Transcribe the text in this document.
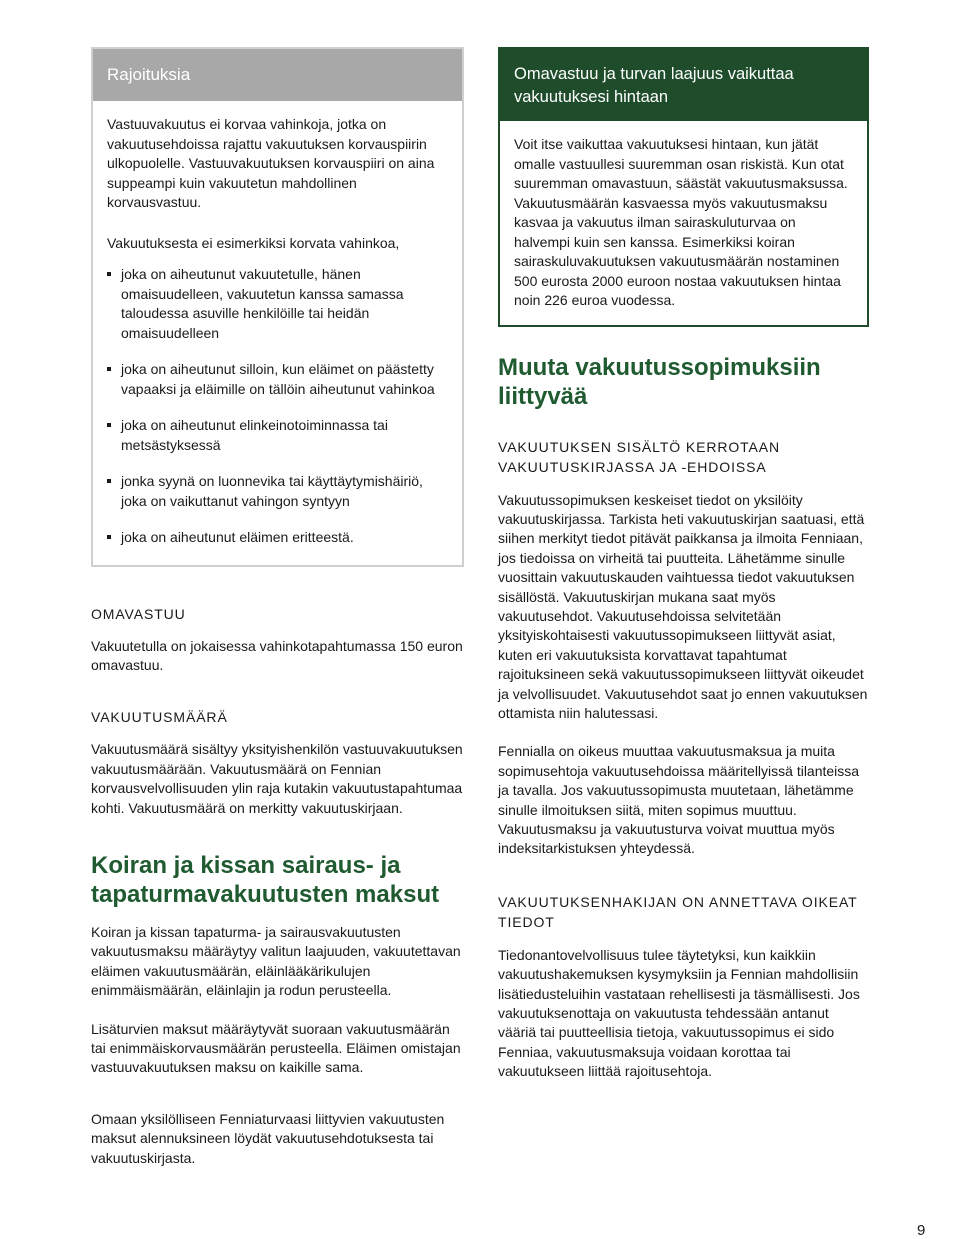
Rajoituksia

Vastuuvakuutus ei korvaa vahinkoja, jotka on vakuutusehdoissa rajattu vakuutuksen korvauspiirin ulkopuolelle. Vastuuvakuutuksen korvauspiiri on aina suppeampi kuin vakuutetun mahdollinen korvausvastuu.

Vakuutuksesta ei esimerkiksi korvata vahinkoa,

joka on aiheutunut vakuutetulle, hänen omaisuudelleen, vakuutetun kanssa samassa taloudessa asuville henkilöille tai heidän omaisuudelleen
joka on aiheutunut silloin, kun eläimet on päästetty vapaaksi ja eläimille on tällöin aiheutunut vahinkoa
joka on aiheutunut elinkeinotoiminnassa tai metsästyksessä
jonka syynä on luonnevika tai käyttäytymishäiriö, joka on vaikuttanut vahingon syntyyn
joka on aiheutunut eläimen eritteestä.
OMAVASTUU

Vakuutetulla on jokaisessa vahinkotapahtumassa 150 euron omavastuu.

VAKUUTUSMÄÄRÄ

Vakuutusmäärä sisältyy yksityishenkilön vastuuvakuutuksen vakuutusmäärään. Vakuutusmäärä on Fennian korvausvelvollisuuden ylin raja kutakin vakuutustapahtumaa kohti. Vakuutusmäärä on merkitty vakuutuskirjaan.

Koiran ja kissan sairaus- ja tapaturmavakuutusten maksut

Koiran ja kissan tapaturma- ja sairausvakuutusten vakuutusmaksu määräytyy valitun laajuuden, vakuutettavan eläimen vakuutusmäärän, eläinlääkärikulujen enimmäismäärän, eläinlajin ja rodun perusteella.

Lisäturvien maksut määräytyvät suoraan vakuutusmäärän tai enimmäiskorvausmäärän perusteella. Eläimen omistajan vastuuvakuutuksen maksu on kaikille sama.

Omaan yksilölliseen Fenniaturvaasi liittyvien vakuutusten maksut alennuksineen löydät vakuutusehdotuksesta tai vakuutuskirjasta.

Omavastuu ja turvan laajuus vaikuttaa vakuutuksesi hintaan

Voit itse vaikuttaa vakuutuksesi hintaan, kun jätät omalle vastuullesi suuremman osan riskistä. Kun otat suuremman omavastuun, säästät vakuutusmaksussa. Vakuutusmäärän kasvaessa myös vakuutusmaksu kasvaa ja vakuutus ilman sairaskuluturvaa on halvempi kuin sen kanssa. Esimerkiksi koiran sairaskuluvakuutuksen vakuutusmäärän nostaminen 500 eurosta 2000 euroon nostaa vakuutuksen hintaa noin 226 euroa vuodessa.

Muuta vakuutussopimuksiin liittyvää
VAKUUTUKSEN SISÄLTÖ KERROTAAN VAKUUTUSKIRJASSA JA -EHDOISSA

Vakuutussopimuksen keskeiset tiedot on yksilöity vakuutuskirjassa. Tarkista heti vakuutuskirjan saatuasi, että siihen merkityt tiedot pitävät paikkansa ja ilmoita Fenniaan, jos tiedoissa on virheitä tai puutteita. Lähetämme sinulle vuosittain vakuutuskauden vaihtuessa tiedot vakuutuksen sisällöstä. Vakuutuskirjan mukana saat myös vakuutusehdot. Vakuutusehdoissa selvitetään yksityiskohtaisesti vakuutussopimukseen liittyvät asiat, kuten eri vakuutuksista korvattavat tapahtumat rajoituksineen sekä vakuutussopimukseen liittyvät oikeudet ja velvollisuudet. Vakuutusehdot saat jo ennen vakuutuksen ottamista niin halutessasi.

Fennialla on oikeus muuttaa vakuutusmaksua ja muita sopimusehtoja vakuutusehdoissa määritellyissä tilanteissa ja tavalla. Jos vakuutussopimusta muutetaan, lähetämme sinulle ilmoituksen siitä, miten sopimus muuttuu. Vakuutusmaksu ja vakuutusturva voivat muuttua myös indeksitarkistuksen yhteydessä.

VAKUUTUKSENHAKIJAN ON ANNETTAVA OIKEAT TIEDOT

Tiedonantovelvollisuus tulee täytetyksi, kun kaikkiin vakuutushakemuksen kysymyksiin ja Fennian mahdollisiin lisätiedusteluihin vastataan rehellisesti ja täsmällisesti. Jos vakuutuksenottaja on vakuutusta tehdessään antanut vääriä tai puutteellisia tietoja, vakuutussopimus ei sido Fenniaa, vakuutusmaksuja voidaan korottaa tai vakuutukseen liittää rajoitusehtoja.

9
